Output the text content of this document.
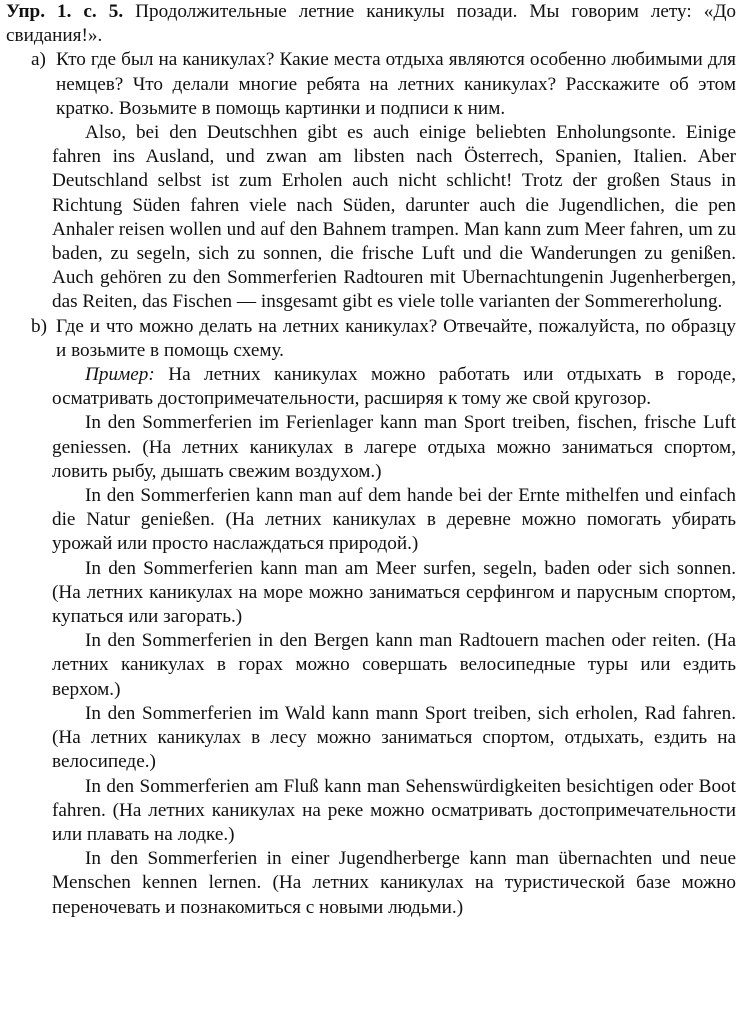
Упр. 1. с. 5. Продолжительные летние каникулы позади. Мы говорим лету: «До свидания!».

a) Кто где был на каникулах? Какие места отдыха являются особенно любимыми для немцев? Что делали многие ребята на летних каникулах? Расскажите об этом кратко. Возьмите в помощь картинки и подписи к ним.

Also, bei den Deutschhen gibt es auch einige beliebten Enholungsonte. Einige fahren ins Ausland, und zwan am libsten nach Österrech, Spanien, Italien. Aber Deutschland selbst ist zum Erholen auch nicht schlicht! Trotz der großen Staus in Richtung Süden fahren viele nach Süden, darunter auch die Jugendlichen, die pen Anhaler reisen wollen und auf den Bahnem trampen. Man kann zum Meer fahren, um zu baden, zu segeln, sich zu sonnen, die frische Luft und die Wanderungen zu genißen. Auch gehören zu den Sommerferien Radtouren mit Ubernachtungenin Jugenherbergen, das Reiten, das Fischen — insgesamt gibt es viele tolle varianten der Sommererholung.

b) Где и что можно делать на летних каникулах? Отвечайте, пожалуйста, по образцу и возьмите в помощь схему.

Пример: На летних каникулах можно работать или отдыхать в городе, осматривать достопримечательности, расширяя к тому же свой кругозор.

In den Sommerferien im Ferienlager kann man Sport treiben, fischen, frische Luft geniessen. (На летних каникулах в лагере отдыха можно заниматься спортом, ловить рыбу, дышать свежим воздухом.)

In den Sommerferien kann man auf dem hande bei der Ernte mithelfen und einfach die Natur genießen. (На летних каникулах в деревне можно помогать убирать урожай или просто наслаждаться природой.)

In den Sommerferien kann man am Meer surfen, segeln, baden oder sich sonnen. (На летних каникулах на море можно заниматься серфингом и парусным спортом, купаться или загорать.)

In den Sommerferien in den Bergen kann man Radtouern machen oder reiten. (На летних каникулах в горах можно совершать велосипедные туры или ездить верхом.)

In den Sommerferien im Wald kann mann Sport treiben, sich erholen, Rad fahren. (На летних каникулах в лесу можно заниматься спортом, отдыхать, ездить на велосипеде.)

In den Sommerferien am Fluß kann man Sehenswürdigkeiten besichtigen oder Boot fahren. (На летних каникулах на реке можно осматривать достопримечательности или плавать на лодке.)

In den Sommerferien in einer Jugendherberge kann man übernachten und neue Menschen kennen lernen. (На летних каникулах на туристической базе можно переночевать и познакомиться с новыми людьми.)
